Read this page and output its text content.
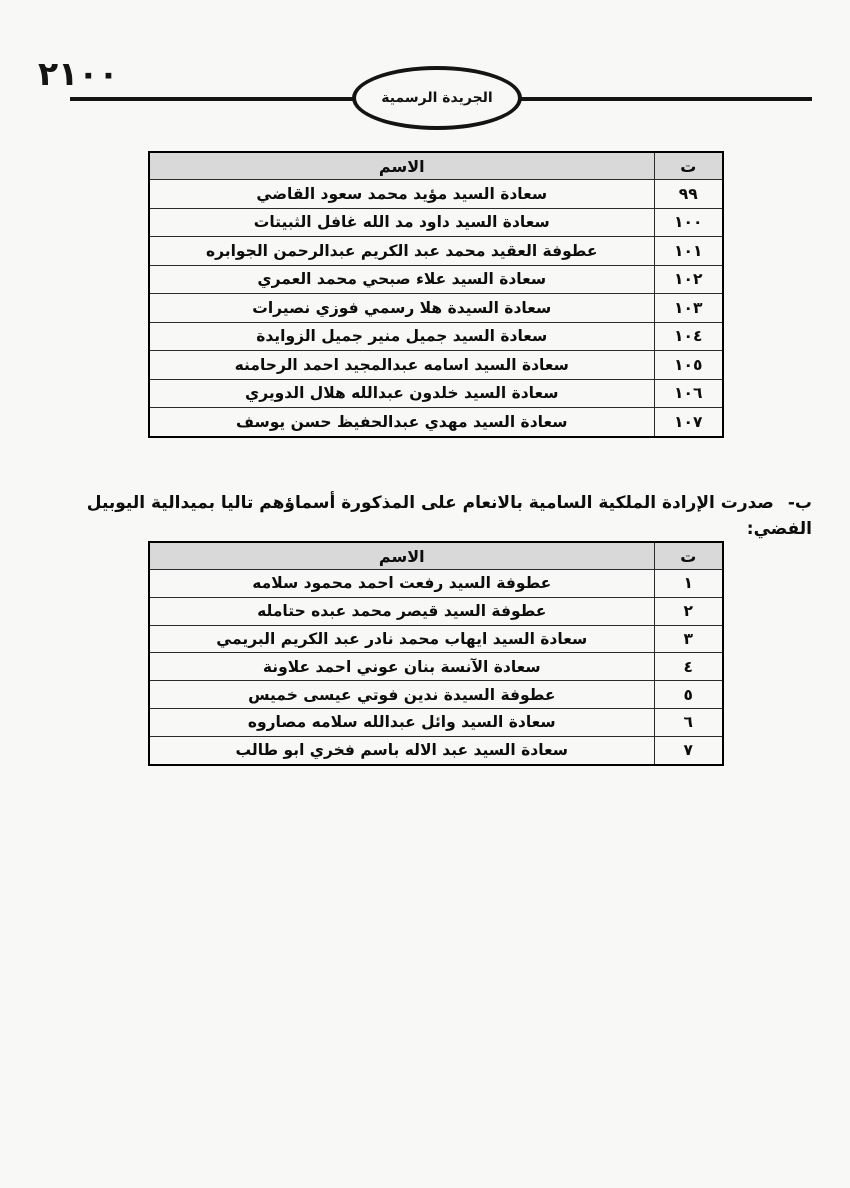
٢١٠٠
الجريدة الرسمية
ت	الاسم
٩٩	سعادة السيد مؤيد محمد سعود القاضي
١٠٠	سعادة السيد داود مد الله غافل الثبيتات
١٠١	عطوفة العقيد محمد عبد الكريم عبدالرحمن الجوابره
١٠٢	سعادة السيد علاء صبحي محمد العمري
١٠٣	سعادة السيدة هلا رسمي فوزي نصيرات
١٠٤	سعادة السيد جميل منير جميل الزوايدة
١٠٥	سعادة السيد اسامه عبدالمجيد احمد الرحامنه
١٠٦	سعادة السيد خلدون عبدالله هلال الدويري
١٠٧	سعادة السيد مهدي عبدالحفيظ حسن يوسف
ب-صدرت الإرادة الملكية السامية بالانعام على المذكورة أسماؤهم تاليا بميدالية اليوبيل الفضي:
ت	الاسم
١	عطوفة السيد رفعت احمد محمود سلامه
٢	عطوفة السيد قيصر محمد عبده حتامله
٣	سعادة السيد ايهاب محمد نادر عبد الكريم البريمي
٤	سعادة الآنسة بنان عوني احمد علاونة
٥	عطوفة السيدة ندين فوتي عيسى خميس
٦	سعادة السيد وائل عبدالله سلامه مصاروه
٧	سعادة السيد عبد الاله باسم فخري ابو طالب
